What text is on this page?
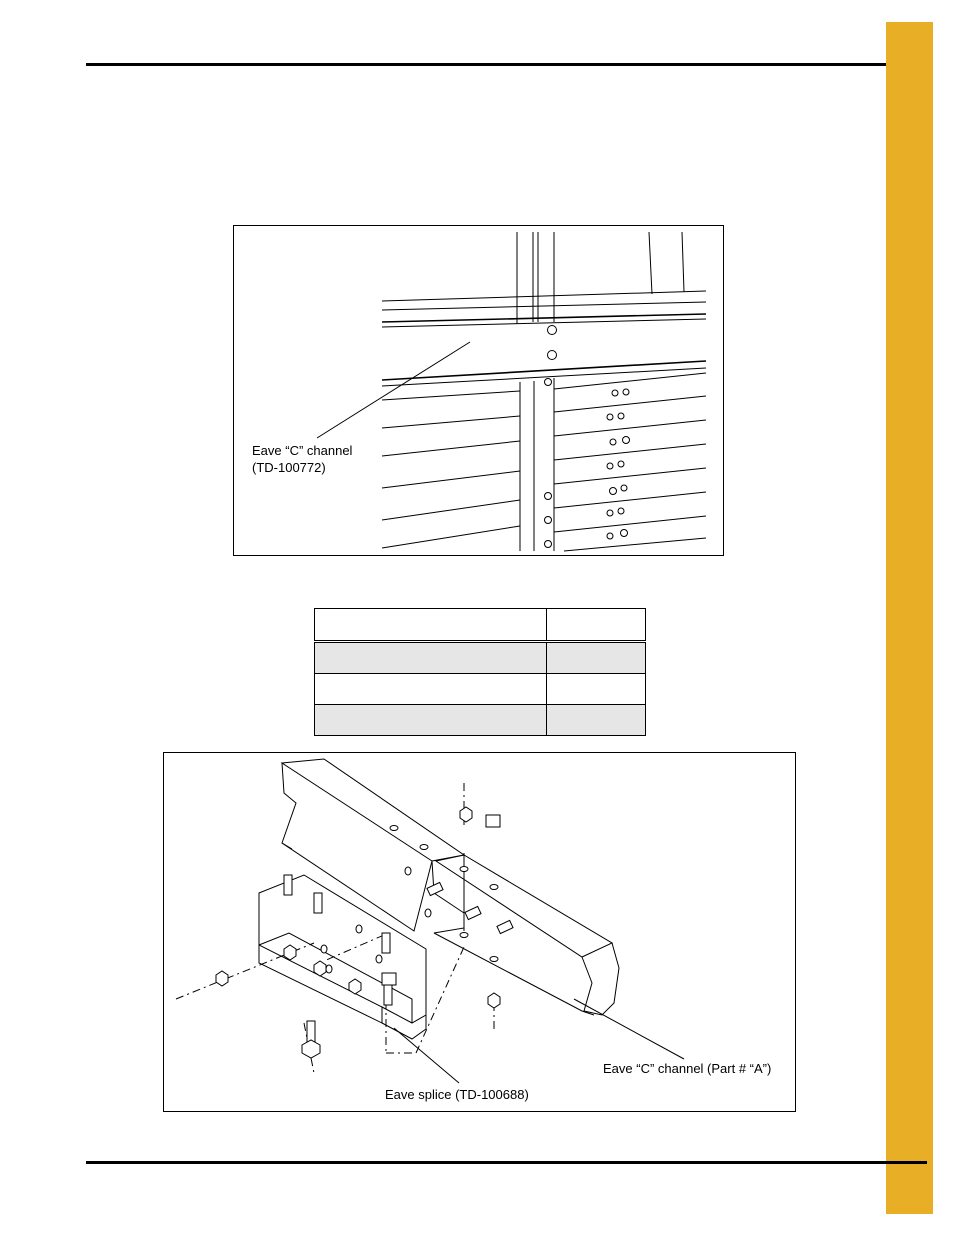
Eave “C” channel
(TD-100772)

Eave “C” channel (Part # “A”)
Eave splice (TD-100688)
